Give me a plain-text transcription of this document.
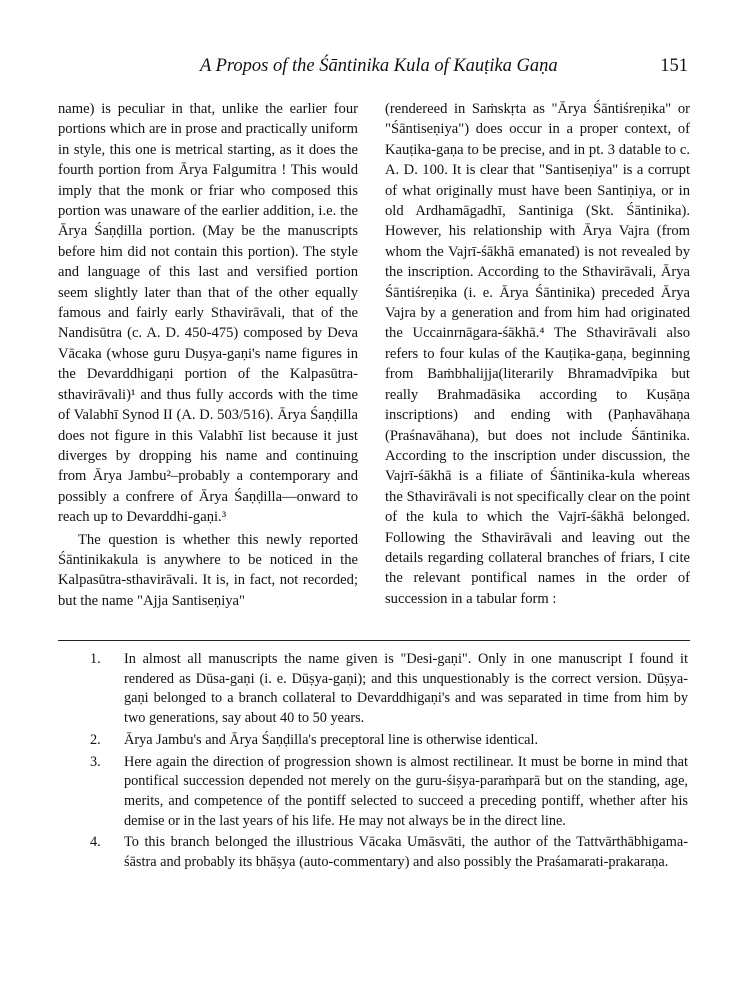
A Propos of the Śāntinika Kula of Kauṭika Gaṇa	151

name) is peculiar in that, unlike the earlier four portions which are in prose and practically uniform in style, this one is metrical starting, as it does the fourth portion from Ārya Falgumitra ! This would imply that the monk or friar who composed this portion was unaware of the earlier addition, i.e. the Ārya Śaṇḍilla portion. (May be the manuscripts before him did not contain this portion). The style and language of this last and versified portion seem slightly later than that of the other equally famous and fairly early Sthavirāvali, that of the Nandisūtra (c. A. D. 450-475) composed by Deva Vācaka (whose guru Duṣya-gaṇi's name figures in the Devarddhigaṇi portion of the Kalpasūtra-sthavirāvali)¹ and thus fully accords with the time of Valabhī Synod II (A. D. 503/516). Ārya Śaṇḍilla does not figure in this Valabhī list because it just diverges by dropping his name and continuing from Ārya Jambu²–probably a contemporary and possibly a confrere of Ārya Śaṇḍilla—onward to reach up to Devarddhi-gaṇi.³

The question is whether this newly reported Śāntinikakula is anywhere to be noticed in the Kalpasūtra-sthavirāvali. It is, in fact, not recorded; but the name "Ajja Santiseṇiya"

(rendereed in Saṁskṛta as "Ārya Śāntiśreṇika" or "Śāntiseṇiya") does occur in a proper context, of Kauṭika-gaṇa to be precise, and in pt. 3 datable to c. A. D. 100. It is clear that "Santiseṇiya" is a corrupt of what originally must have been Santiṇiya, or in old Ardhamāgadhī, Santiniga (Skt. Śāntinika). However, his relationship with Ārya Vajra (from whom the Vajrī-śākhā emanated) is not revealed by the inscription. According to the Sthavirāvali, Ārya Śāntiśreṇika (i. e. Ārya Śāntinika) preceded Ārya Vajra by a generation and from him had originated the Uccainrnāgara-śākhā.⁴ The Sthavirāvali also refers to four kulas of the Kauṭika-gaṇa, beginning from Baṁbhalijja(literarily Bhramadvīpika but really Brahmadāsika according to Kuṣāṇa inscriptions) and ending with (Paṇhavāhaṇa (Praśnavāhana), but does not include Śāntinika. According to the inscription under discussion, the Vajrī-śākhā is a filiate of Śāntinika-kula whereas the Sthavirāvali is not specifically clear on the point of the kula to which the Vajrī-śākhā belonged. Following the Sthavirāvali and leaving out the details regarding collateral branches of friars, I cite the relevant pontifical names in the order of succession in a tabular form :

1. In almost all manuscripts the name given is "Desi-gaṇi". Only in one manuscript I found it rendered as Dūsa-gaṇi (i. e. Dūṣya-gaṇi); and this unquestionably is the correct version. Dūṣya-gaṇi belonged to a branch collateral to Devarddhigaṇi's and was separated in time from him by two generations, say about 40 to 50 years.
2. Ārya Jambu's and Ārya Śaṇḍilla's preceptoral line is otherwise identical.
3. Here again the direction of progression shown is almost rectilinear. It must be borne in mind that pontifical succession depended not merely on the guru-śiṣya-paraṁparā but on the standing, age, merits, and competence of the pontiff selected to succeed a preceding pontiff, whether after his demise or in the last years of his life. He may not always be in the direct line.
4. To this branch belonged the illustrious Vācaka Umāsvāti, the author of the Tattvārthābhigama-śāstra and probably its bhāṣya (auto-commentary) and also possibly the Praśamarati-prakaraṇa.
